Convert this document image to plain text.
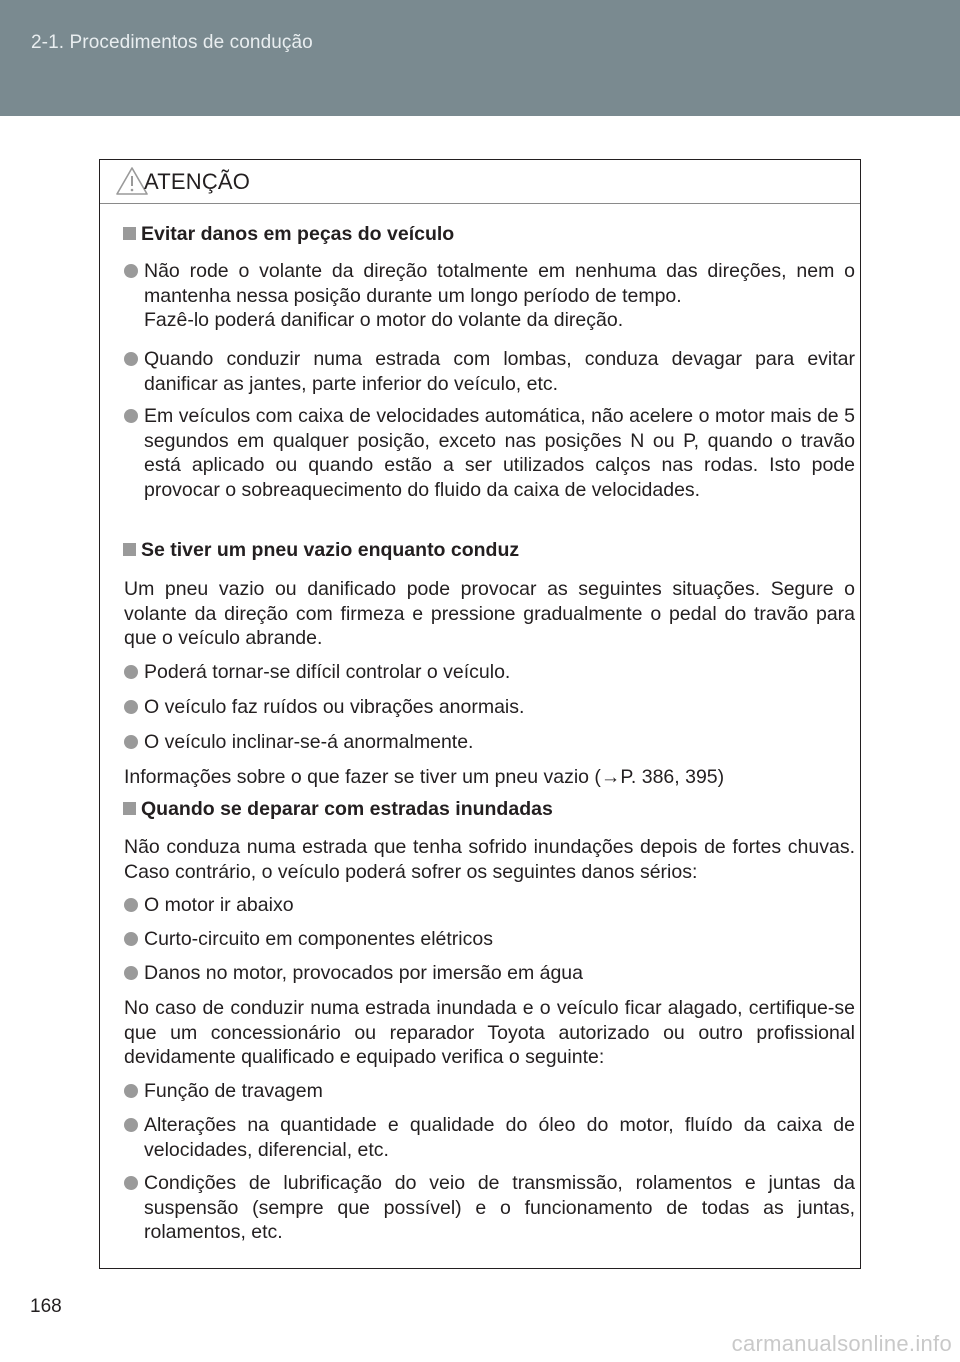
2-1. Procedimentos de condução
ATENÇÃO
Evitar danos em peças do veículo
Não rode o volante da direção totalmente em nenhuma das direções, nem o mantenha nessa posição durante um longo período de tempo.
Fazê-lo poderá danificar o motor do volante da direção.
Quando conduzir numa estrada com lombas, conduza devagar para evitar danificar as jantes, parte inferior do veículo, etc.
Em veículos com caixa de velocidades automática, não acelere o motor mais de 5 segundos em qualquer posição, exceto nas posições N ou P, quando o travão está aplicado ou quando estão a ser utilizados calços nas rodas. Isto pode provocar o sobreaquecimento do fluido da caixa de velocidades.
Se tiver um pneu vazio enquanto conduz
Um pneu vazio ou danificado pode provocar as seguintes situações. Segure o volante da direção com firmeza e pressione gradualmente o pedal do travão para que o veículo abrande.
Poderá tornar-se difícil controlar o veículo.
O veículo faz ruídos ou vibrações anormais.
O veículo inclinar-se-á anormalmente.
Informações sobre o que fazer se tiver um pneu vazio (→P. 386, 395)
Quando se deparar com estradas inundadas
Não conduza numa estrada que tenha sofrido inundações depois de fortes chuvas. Caso contrário, o veículo poderá sofrer os seguintes danos sérios:
O motor ir abaixo
Curto-circuito em componentes elétricos
Danos no motor, provocados por imersão em água
No caso de conduzir numa estrada inundada e o veículo ficar alagado, certifique-se que um concessionário ou reparador Toyota autorizado ou outro profissional devidamente qualificado e equipado verifica o seguinte:
Função de travagem
Alterações na quantidade e qualidade do óleo do motor, fluído da caixa de velocidades, diferencial, etc.
Condições de lubrificação do veio de transmissão, rolamentos e juntas da suspensão (sempre que possível) e o funcionamento de todas as juntas, rolamentos, etc.
168
carmanualsonline.info
